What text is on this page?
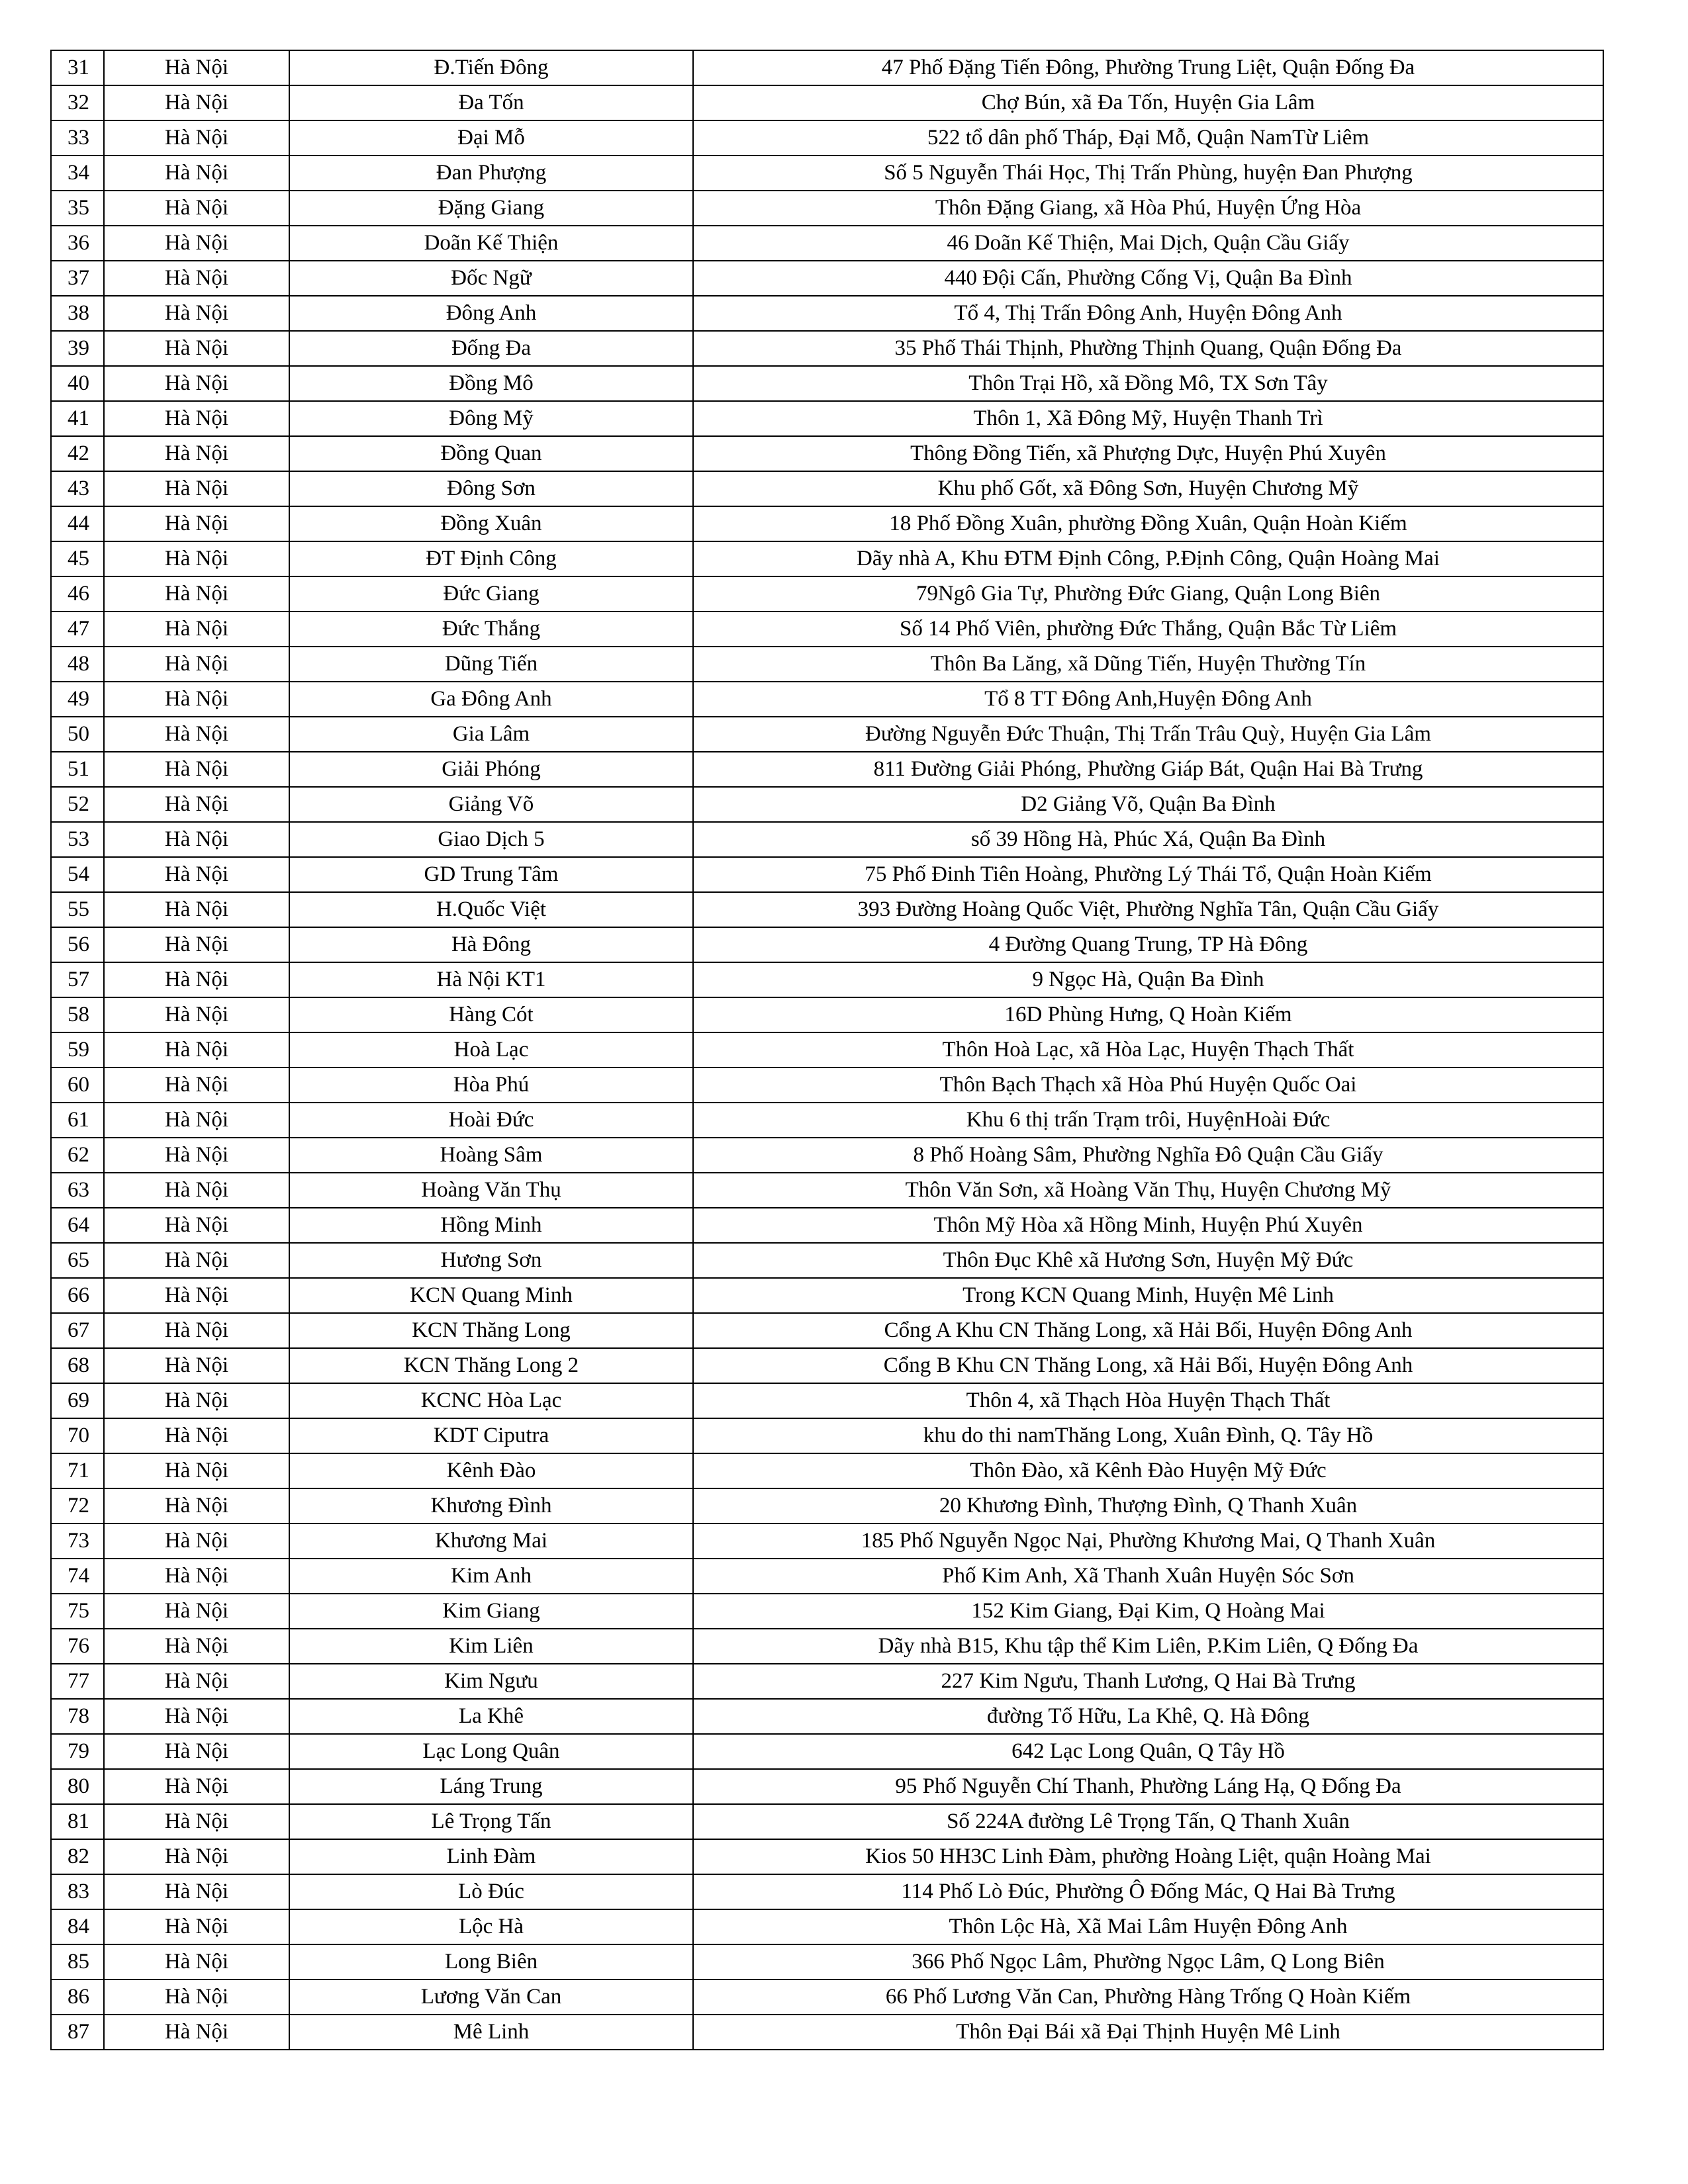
31	Hà Nội	Đ.Tiến Đông	47 Phố Đặng Tiến Đông, Phường Trung Liệt, Quận Đống Đa
32	Hà Nội	Đa Tốn	Chợ Bún, xã Đa Tốn, Huyện Gia Lâm
33	Hà Nội	Đại Mỗ	522 tổ dân phố Tháp, Đại Mỗ, Quận NamTừ Liêm
34	Hà Nội	Đan Phượng	Số 5 Nguyễn Thái Học, Thị Trấn Phùng, huyện Đan Phượng
35	Hà Nội	Đặng Giang	Thôn Đặng Giang, xã Hòa Phú, Huyện Ứng Hòa
36	Hà Nội	Doãn Kế Thiện	46 Doãn Kế Thiện, Mai Dịch, Quận Cầu Giấy
37	Hà Nội	Đốc Ngữ	440 Đội Cấn, Phường Cống Vị, Quận Ba Đình
38	Hà Nội	Đông Anh	Tổ 4, Thị Trấn Đông Anh, Huyện Đông Anh
39	Hà Nội	Đống Đa	35 Phố Thái Thịnh, Phường Thịnh Quang, Quận Đống Đa
40	Hà Nội	Đồng Mô	Thôn Trại Hồ, xã Đồng Mô, TX Sơn Tây
41	Hà Nội	Đông Mỹ	Thôn 1, Xã Đông Mỹ, Huyện Thanh Trì
42	Hà Nội	Đồng Quan	Thông Đồng Tiến, xã Phượng Dực, Huyện Phú Xuyên
43	Hà Nội	Đông Sơn	Khu phố Gốt, xã Đông Sơn, Huyện Chương Mỹ
44	Hà Nội	Đồng Xuân	18 Phố Đồng Xuân, phường Đồng Xuân, Quận Hoàn Kiếm
45	Hà Nội	ĐT Định Công	Dãy nhà A, Khu ĐTM Định Công, P.Định Công, Quận Hoàng Mai
46	Hà Nội	Đức Giang	79Ngô Gia Tự, Phường Đức Giang, Quận Long Biên
47	Hà Nội	Đức Thắng	Số 14 Phố Viên, phường Đức Thắng, Quận Bắc Từ Liêm
48	Hà Nội	Dũng Tiến	Thôn Ba Lăng, xã Dũng Tiến, Huyện Thường Tín
49	Hà Nội	Ga Đông Anh	Tổ 8 TT Đông Anh,Huyện Đông Anh
50	Hà Nội	Gia Lâm	Đường Nguyễn Đức Thuận, Thị Trấn Trâu Quỳ, Huyện Gia Lâm
51	Hà Nội	Giải Phóng	811 Đường Giải Phóng, Phường Giáp Bát, Quận Hai Bà Trưng
52	Hà Nội	Giảng Võ	D2 Giảng Võ, Quận Ba Đình
53	Hà Nội	Giao Dịch 5	số 39 Hồng Hà, Phúc Xá, Quận Ba Đình
54	Hà Nội	GD Trung Tâm	75 Phố Đinh Tiên Hoàng, Phường Lý Thái Tổ, Quận Hoàn Kiếm
55	Hà Nội	H.Quốc Việt	393 Đường Hoàng Quốc Việt, Phường Nghĩa Tân, Quận Cầu Giấy
56	Hà Nội	Hà Đông	4 Đường Quang Trung, TP Hà Đông
57	Hà Nội	Hà Nội KT1	9 Ngọc Hà, Quận Ba Đình
58	Hà Nội	Hàng Cót	16D Phùng Hưng, Q Hoàn Kiếm
59	Hà Nội	Hoà Lạc	Thôn Hoà Lạc, xã Hòa Lạc, Huyện Thạch Thất
60	Hà Nội	Hòa Phú	Thôn Bạch Thạch xã Hòa Phú Huyện Quốc Oai
61	Hà Nội	Hoài Đức	Khu 6 thị trấn Trạm trôi, HuyệnHoài Đức
62	Hà Nội	Hoàng Sâm	8 Phố Hoàng Sâm, Phường Nghĩa Đô Quận Cầu Giấy
63	Hà Nội	Hoàng Văn Thụ	Thôn Văn Sơn, xã Hoàng Văn Thụ, Huyện Chương Mỹ
64	Hà Nội	Hồng Minh	Thôn Mỹ Hòa xã Hồng Minh, Huyện Phú Xuyên
65	Hà Nội	Hương Sơn	Thôn Đục Khê xã Hương Sơn, Huyện Mỹ Đức
66	Hà Nội	KCN Quang Minh	Trong KCN Quang Minh, Huyện Mê Linh
67	Hà Nội	KCN Thăng Long	Cổng A Khu CN Thăng Long, xã Hải Bối, Huyện Đông Anh
68	Hà Nội	KCN Thăng Long 2	Cổng B Khu CN Thăng Long, xã Hải Bối, Huyện Đông Anh
69	Hà Nội	KCNC Hòa Lạc	Thôn 4, xã Thạch Hòa Huyện Thạch Thất
70	Hà Nội	KDT Ciputra	khu do thi namThăng Long, Xuân Đình, Q. Tây Hồ
71	Hà Nội	Kênh Đào	Thôn Đào, xã Kênh Đào Huyện Mỹ Đức
72	Hà Nội	Khương Đình	20 Khương Đình, Thượng Đình, Q Thanh Xuân
73	Hà Nội	Khương Mai	185 Phố Nguyễn Ngọc Nại, Phường Khương Mai, Q Thanh Xuân
74	Hà Nội	Kim Anh	Phố Kim Anh, Xã Thanh Xuân Huyện Sóc Sơn
75	Hà Nội	Kim Giang	152 Kim Giang, Đại Kim, Q Hoàng Mai
76	Hà Nội	Kim Liên	Dãy nhà B15, Khu tập thể Kim Liên, P.Kim Liên, Q Đống Đa
77	Hà Nội	Kim Ngưu	227 Kim Ngưu, Thanh Lương, Q Hai Bà Trưng
78	Hà Nội	La Khê	đường Tố Hữu, La Khê, Q. Hà Đông
79	Hà Nội	Lạc Long Quân	642 Lạc Long Quân, Q Tây Hồ
80	Hà Nội	Láng Trung	95 Phố Nguyễn Chí Thanh, Phường Láng Hạ, Q Đống Đa
81	Hà Nội	Lê Trọng Tấn	Số 224A đường Lê Trọng Tấn, Q Thanh Xuân
82	Hà Nội	Linh Đàm	Kios 50 HH3C Linh Đàm, phường Hoàng Liệt, quận Hoàng Mai
83	Hà Nội	Lò Đúc	114 Phố Lò Đúc, Phường Ô Đống Mác, Q Hai Bà Trưng
84	Hà Nội	Lộc Hà	Thôn Lộc Hà, Xã Mai Lâm Huyện Đông Anh
85	Hà Nội	Long Biên	366 Phố Ngọc Lâm, Phường Ngọc Lâm, Q Long Biên
86	Hà Nội	Lương Văn Can	66 Phố Lương Văn Can, Phường Hàng Trống Q Hoàn Kiếm
87	Hà Nội	Mê Linh	Thôn Đại Bái xã Đại Thịnh Huyện Mê Linh
